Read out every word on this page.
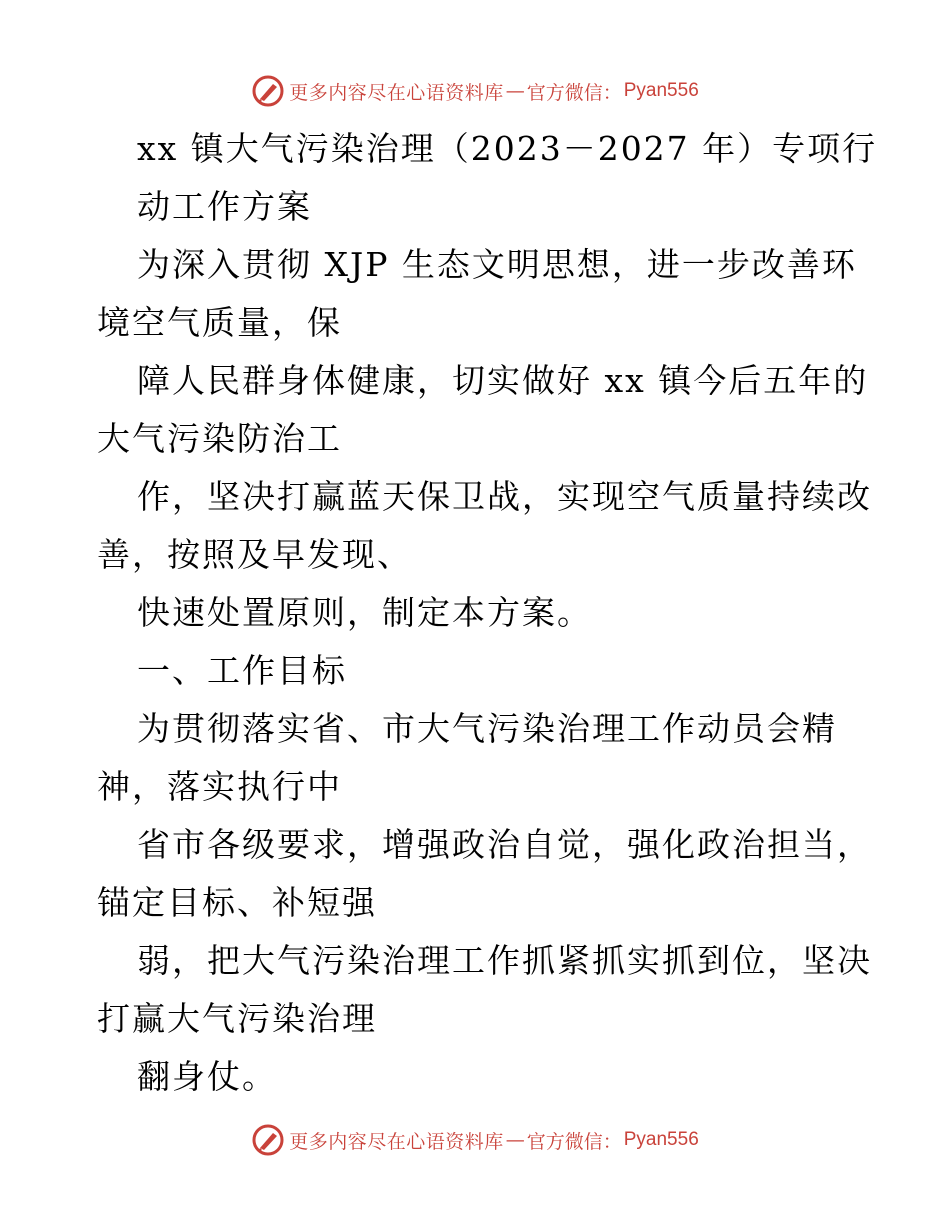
更多内容尽在心语资料库 — 官方微信： Pyan556
xx 镇大气污染治理（2023－2027 年）专项行
动工作方案
为深入贯彻 XJP 生态文明思想，进一步改善环
境空气质量，保
障人民群身体健康，切实做好 xx 镇今后五年的
大气污染防治工
作，坚决打赢蓝天保卫战，实现空气质量持续改
善，按照及早发现、
快速处置原则，制定本方案。
一、工作目标
为贯彻落实省、市大气污染治理工作动员会精
神，落实执行中
省市各级要求，增强政治自觉，强化政治担当，
锚定目标、补短强
弱，把大气污染治理工作抓紧抓实抓到位，坚决
打赢大气污染治理
翻身仗。
更多内容尽在心语资料库 — 官方微信： Pyan556
